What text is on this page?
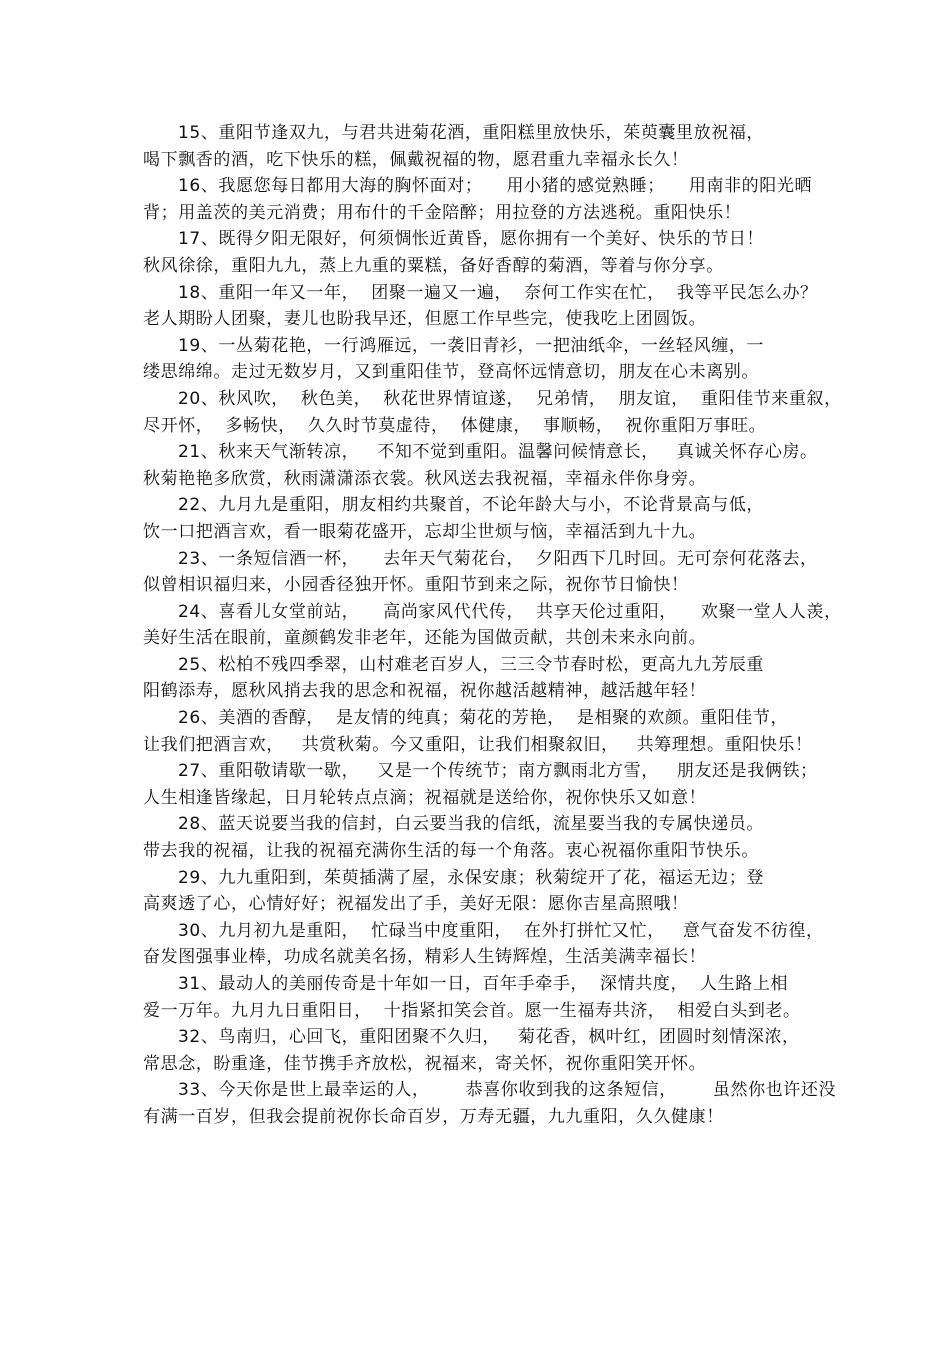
15、重阳节逢双九，与君共进菊花酒，重阳糕里放快乐，茱萸囊里放祝福，
喝下飘香的酒，吃下快乐的糕，佩戴祝福的物，愿君重九幸福永长久！
16、我愿您每日都用大海的胸怀面对；    用小猪的感觉熟睡；    用南非的阳光晒
背；用盖茨的美元消费；用布什的千金陪醉；用拉登的方法逃税。重阳快乐！
17、既得夕阳无限好，何须惆怅近黄昏，愿你拥有一个美好、快乐的节日！
秋风徐徐，重阳九九，蒸上九重的粟糕，备好香醇的菊酒，等着与你分享。
18、重阳一年又一年，  团聚一遍又一遍，  奈何工作实在忙，  我等平民怎么办？
老人期盼人团聚，妻儿也盼我早还，但愿工作早些完，使我吃上团圆饭。
19、一丛菊花艳，一行鸿雁远，一袭旧青衫，一把油纸伞，一丝轻风缠，一
缕思绵绵。走过无数岁月，又到重阳佳节，登高怀远情意切，朋友在心未离别。
20、秋风吹，  秋色美，  秋花世界情谊遂，  兄弟情，  朋友谊，  重阳佳节来重叙，
尽开怀，  多畅快，  久久时节莫虚待，  体健康，  事顺畅，  祝你重阳万事旺。
21、秋来天气渐转凉，   不知不觉到重阳。温馨问候情意长，   真诚关怀存心房。
秋菊艳艳多欣赏，秋雨潇潇添衣裳。秋风送去我祝福，幸福永伴你身旁。
22、九月九是重阳，朋友相约共聚首，不论年龄大与小，不论背景高与低，
饮一口把酒言欢，看一眼菊花盛开，忘却尘世烦与恼，幸福活到九十九。
23、一条短信酒一杯，    去年天气菊花台，  夕阳西下几时回。无可奈何花落去，
似曾相识福归来，小园香径独开怀。重阳节到来之际，祝你节日愉快！
24、喜看儿女堂前站，    高尚家风代代传，  共享天伦过重阳，    欢聚一堂人人羡，
美好生活在眼前，童颜鹤发非老年，还能为国做贡献，共创未来永向前。
25、松柏不残四季翠，山村难老百岁人，三三令节春时松，更高九九芳辰重
阳鹤添寿，愿秋风捎去我的思念和祝福，祝你越活越精神，越活越年轻！
26、美酒的香醇，  是友情的纯真；菊花的芳艳，  是相聚的欢颜。重阳佳节，
让我们把酒言欢，   共赏秋菊。今又重阳，让我们相聚叙旧，   共筹理想。重阳快乐！
27、重阳敬请歇一歇，   又是一个传统节；南方飘雨北方雪，   朋友还是我俩铁；
人生相逢皆缘起，日月轮转点点滴；祝福就是送给你，祝你快乐又如意！
28、蓝天说要当我的信封，白云要当我的信纸，流星要当我的专属快递员。
带去我的祝福，让我的祝福充满你生活的每一个角落。衷心祝福你重阳节快乐。
29、九九重阳到，茱萸插满了屋，永保安康；秋菊绽开了花，福运无边；登
高爽透了心，心情好好；祝福发出了手，美好无限：愿你吉星高照哦！
30、九月初九是重阳，  忙碌当中度重阳，  在外打拼忙又忙，   意气奋发不彷徨，
奋发图强事业棒，功成名就美名扬，精彩人生铸辉煌，生活美满幸福长！
31、最动人的美丽传奇是十年如一日，百年手牵手，  深情共度，  人生路上相
爱一万年。九月九日重阳日，  十指紧扣笑会首。愿一生福寿共济，  相爱白头到老。
32、鸟南归，心回飞，重阳团聚不久归，   菊花香，枫叶红，团圆时刻情深浓，
常思念，盼重逢，佳节携手齐放松，祝福来，寄关怀，祝你重阳笑开怀。
33、今天你是世上最幸运的人，      恭喜你收到我的这条短信，      虽然你也许还没
有满一百岁，但我会提前祝你长命百岁，万寿无疆，九九重阳，久久健康！
